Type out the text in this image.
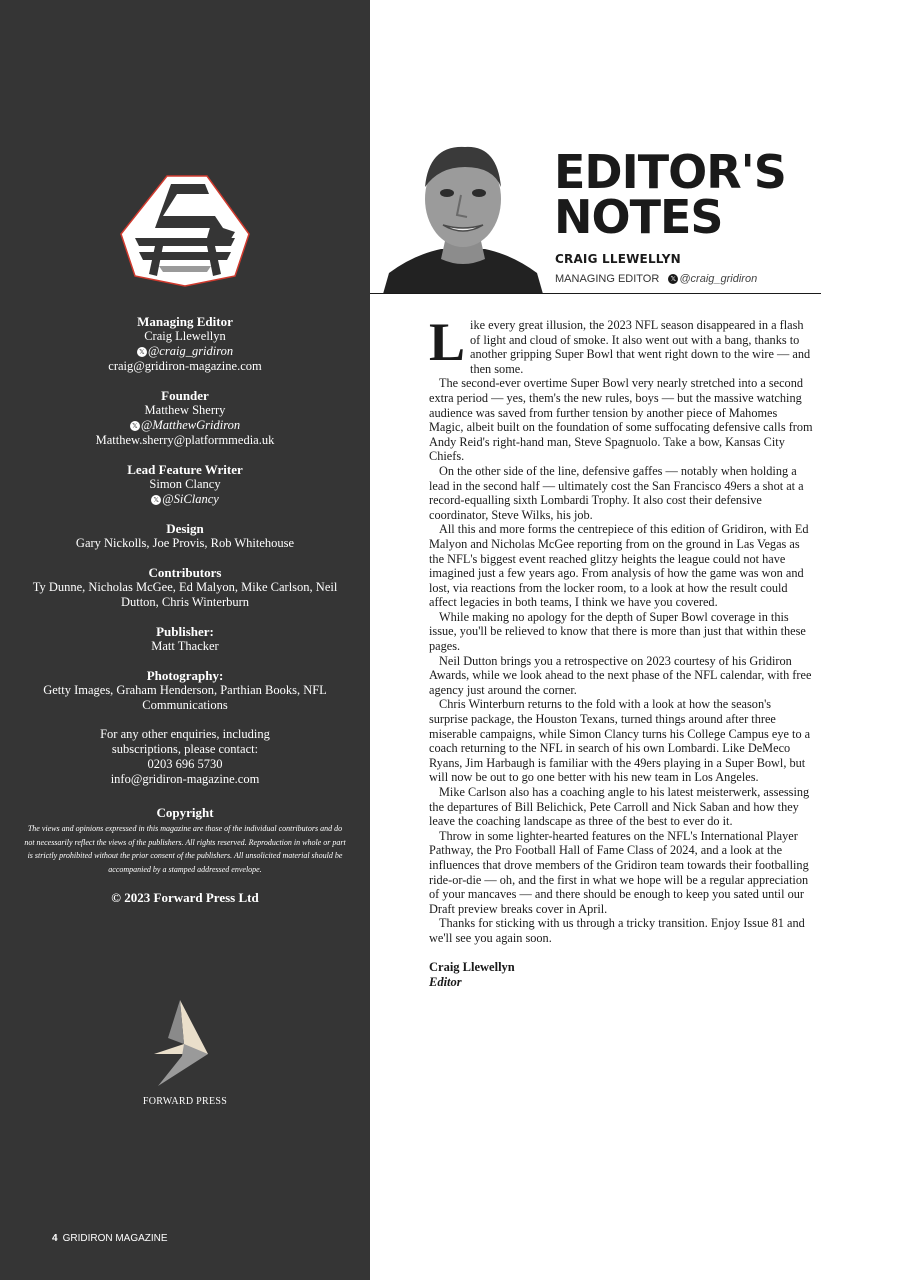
Managing Editor
Craig Llewellyn
𝕏 @craig_gridiron
craig@gridiron-magazine.com
Founder
Matthew Sherry
𝕏 @MatthewGridiron
Matthew.sherry@platformmedia.uk
Lead Feature Writer
Simon Clancy
𝕏 @SiClancy
Design
Gary Nickolls, Joe Provis, Rob Whitehouse
Contributors
Ty Dunne, Nicholas McGee, Ed Malyon, Mike Carlson, Neil Dutton, Chris Winterburn
Publisher:
Matt Thacker
Photography:
Getty Images, Graham Henderson, Parthian Books, NFL Communications
For any other enquiries, including
subscriptions, please contact:
0203 696 5730
info@gridiron-magazine.com
Copyright
The views and opinions expressed in this magazine are those of the individual contributors and do not necessarily reflect the views of the publishers. All rights reserved. Reproduction in whole or part is strictly prohibited without the prior consent of the publishers. All unsolicited material should be accompanied by a stamped addressed envelope.
© 2023 Forward Press Ltd
FORWARD PRESS
4 GRIDIRON MAGAZINE
EDITOR'S
NOTES
CRAIG LLEWELLYN
MANAGING EDITOR 𝕏 @craig_gridiron

Like every great illusion, the 2023 NFL season disappeared in a flash of light and cloud of smoke. It also went out with a bang, thanks to another gripping Super Bowl that went right down to the wire — and then some.

The second-ever overtime Super Bowl very nearly stretched into a second extra period — yes, them's the new rules, boys — but the massive watching audience was saved from further tension by another piece of Mahomes Magic, albeit built on the foundation of some suffocating defensive calls from Andy Reid's right-hand man, Steve Spagnuolo. Take a bow, Kansas City Chiefs.

On the other side of the line, defensive gaffes — notably when holding a lead in the second half — ultimately cost the San Francisco 49ers a shot at a record-equalling sixth Lombardi Trophy. It also cost their defensive coordinator, Steve Wilks, his job.

All this and more forms the centrepiece of this edition of Gridiron, with Ed Malyon and Nicholas McGee reporting from on the ground in Las Vegas as the NFL's biggest event reached glitzy heights the league could not have imagined just a few years ago. From analysis of how the game was won and lost, via reactions from the locker room, to a look at how the result could affect legacies in both teams, I think we have you covered.

While making no apology for the depth of Super Bowl coverage in this issue, you'll be relieved to know that there is more than just that within these pages.

Neil Dutton brings you a retrospective on 2023 courtesy of his Gridiron Awards, while we look ahead to the next phase of the NFL calendar, with free agency just around the corner.

Chris Winterburn returns to the fold with a look at how the season's surprise package, the Houston Texans, turned things around after three miserable campaigns, while Simon Clancy turns his College Campus eye to a coach returning to the NFL in search of his own Lombardi. Like DeMeco Ryans, Jim Harbaugh is familiar with the 49ers playing in a Super Bowl, but will now be out to go one better with his new team in Los Angeles.

Mike Carlson also has a coaching angle to his latest meisterwerk, assessing the departures of Bill Belichick, Pete Carroll and Nick Saban and how they leave the coaching landscape as three of the best to ever do it.

Throw in some lighter-hearted features on the NFL's International Player Pathway, the Pro Football Hall of Fame Class of 2024, and a look at the influences that drove members of the Gridiron team towards their footballing ride-or-die — oh, and the first in what we hope will be a regular appreciation of your mancaves — and there should be enough to keep you sated until our Draft preview breaks cover in April.

Thanks for sticking with us through a tricky transition. Enjoy Issue 81 and we'll see you again soon.

Craig Llewellyn
Editor
